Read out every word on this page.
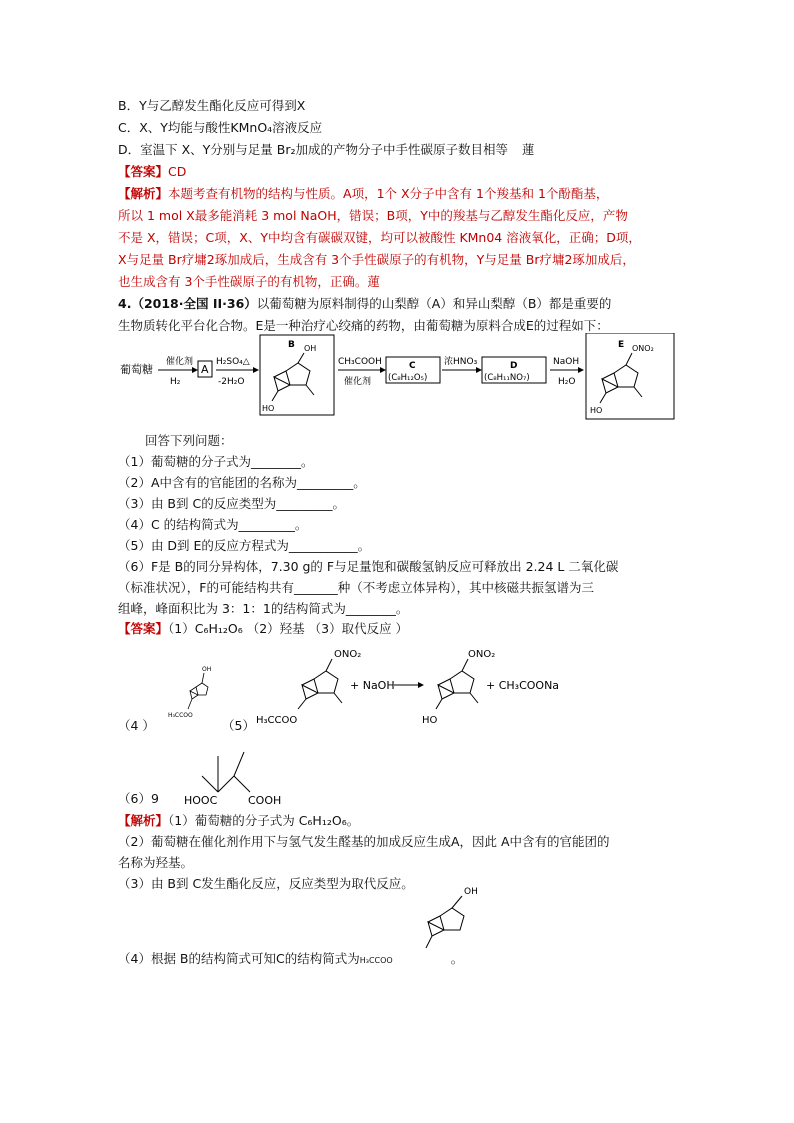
B．Y与乙醇发生酯化反应可得到X
C．X、Y均能与酸性KMnO₄溶液反应
D．室温下 X、Y分别与足量 Br₂加成的产物分子中手性碳原子数目相等 蓮
【答案】CD
【解析】本题考查有机物的结构与性质。A项，1个 X分子中含有 1个羧基和 1个酚酯基，
所以 1 mol X最多能消耗 3 mol NaOH，错误；B项，Y中的羧基与乙醇发生酯化反应，产物
不是 X，错误；C项，X、Y中均含有碳碳双键，均可以被酸性 KMn04 溶液氧化，正确；D项，
X与足量 Br疗墉2琢加成后，生成含有 3个手性碳原子的有机物，Y与足量 Br疗墉2琢加成后，
也生成含有 3个手性碳原子的有机物，正确。蓮
4.（2018·全国 II·36）以葡萄糖为原料制得的山梨醇（A）和异山梨醇（B）都是重要的
生物质转化平台化合物。E是一种治疗心绞痛的药物，由葡萄糖为原料合成E的过程如下：
葡萄糖
催化剂
H₂
A
H₂SO₄△
-2H₂O
B OH
HO
CH₃COOH
催化剂
C
(C₈H₁₂O₅)
浓HNO₃	D
(C₈H₁₁NO₇)
NaOH
H₂O
E ONO₂
HO
回答下列问题：
（1）葡萄糖的分子式为________。
（2）A中含有的官能团的名称为_________。
（3）由 B到 C的反应类型为_________。
（4）C 的结构简式为_________。
（5）由 D到 E的反应方程式为___________。
（6）F是 B的同分异构体，7.30 g的 F与足量饱和碳酸氢钠反应可释放出 2.24 L 二氧化碳
（标准状况），F的可能结构共有_______种（不考虑立体异构），其中核磁共振氢谱为三
组峰，峰面积比为 3：1：1的结构简式为________。
【答案】（1）C₆H₁₂O₆ （2）羟基 （3）取代反应 ）
OH
H₃CCOO
ONO₂
H₃CCOO
+ NaOH
ONO₂
HO
+ CH₃COONa
（4 ）	（5）
HOOC	COOH
（6）9
【解析】（1）葡萄糖的分子式为 C₆H₁₂O₆。
（2）葡萄糖在催化剂作用下与氢气发生醛基的加成反应生成A，因此 A中含有的官能团的
名称为羟基。
（3）由 B到 C发生酯化反应，反应类型为取代反应。
OH
（4）根据 B的结构简式可知C的结构简式为H₃CCOO	。
